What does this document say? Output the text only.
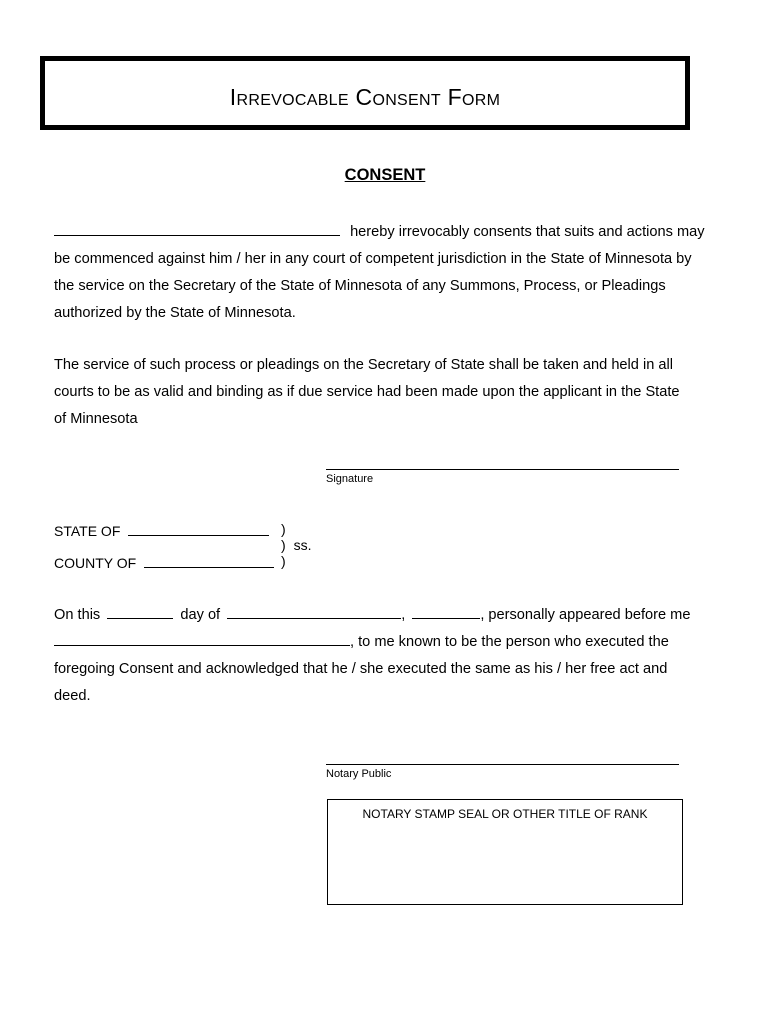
Irrevocable Consent Form
CONSENT

hereby irrevocably consents that suits and actions may

be commenced against him / her in any court of competent jurisdiction in the State of Minnesota by

the service on the Secretary of the State of Minnesota of any Summons, Process, or Pleadings

authorized by the State of Minnesota.

The service of such process or pleadings on the Secretary of State shall be taken and held in all

courts to be as valid and binding as if due service had been made upon the applicant in the State

of Minnesota

Signature
STATE OF
COUNTY OF
)
) ss.
)

On this	day of	,	, personally appeared before me

, to me known to be the person who executed the

foregoing Consent and acknowledged that he / she executed the same as his / her free act and

deed.

Notary Public
NOTARY STAMP SEAL OR OTHER TITLE OF RANK
